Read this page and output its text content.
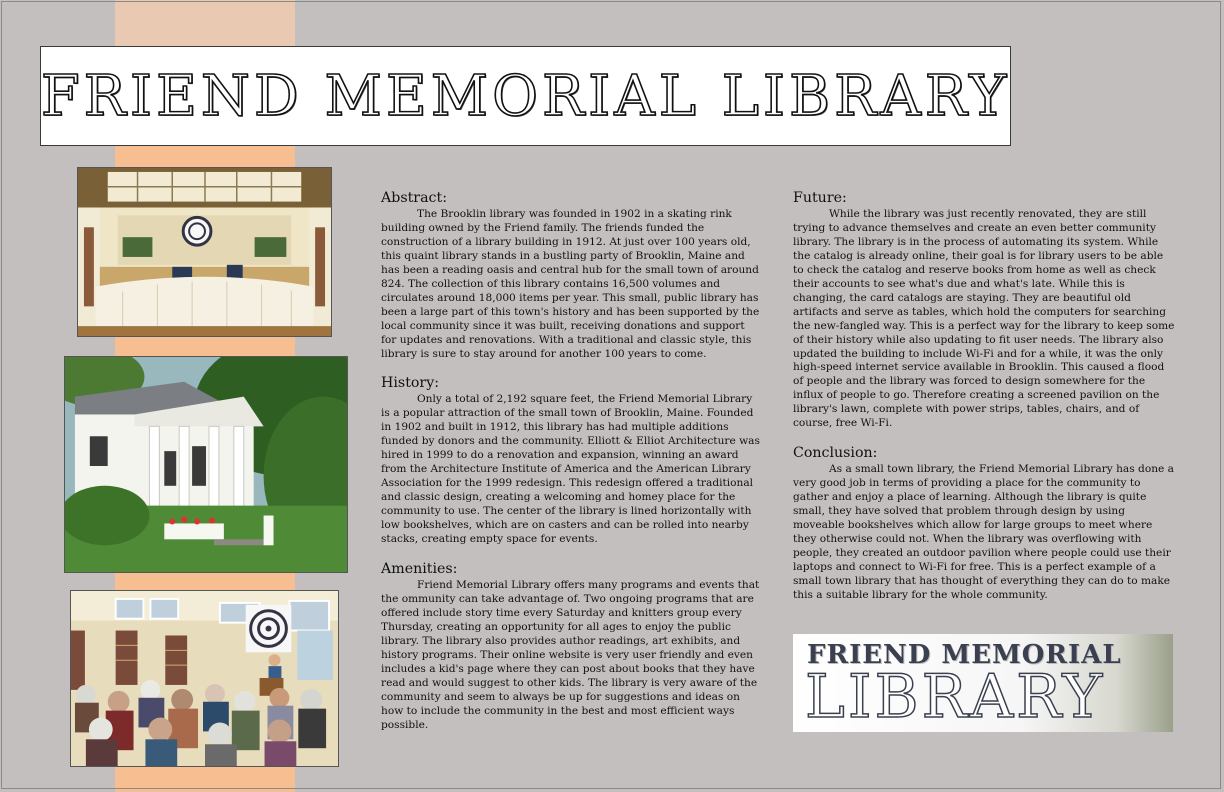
FRIEND MEMORIAL LIBRARY
Abstract:

The Brooklin library was founded in 1902 in a skating rink building owned by the Friend family. The friends funded the construction of a library building in 1912. At just over 100 years old, this quaint library stands in a bustling party of Brooklin, Maine and has been a reading oasis and central hub for the small town of around 824. The collection of this library contains 16,500 volumes and circulates around 18,000 items per year. This small, public library has been a large part of this town's history and has been supported by the local community since it was built, receiving donations and support for updates and renovations. With a traditional and classic style, this library is sure to stay around for another 100 years to come.

History:

Only a total of 2,192 square feet, the Friend Memorial Library is a popular attraction of the small town of Brooklin, Maine. Founded in 1902 and built in 1912, this library has had multiple additions funded by donors and the community. Elliott & Elliot Architecture was hired in 1999 to do a renovation and expansion, winning an award from the Architecture Institute of America and the American Library Association for the 1999 redesign. This redesign offered a traditional and classic design, creating a welcoming and homey place for the community to use. The center of the library is lined horizontally with low bookshelves, which are on casters and can be rolled into nearby stacks, creating empty space for events.

Amenities:

Friend Memorial Library offers many programs and events that the ommunity can take advantage of. Two ongoing programs that are offered include story time every Saturday and knitters group every Thursday, creating an opportunity for all ages to enjoy the public library. The library also provides author readings, art exhibits, and history programs. Their online website is very user friendly and even includes a kid's page where they can post about books that they have read and would suggest to other kids. The library is very aware of the community and seem to always be up for suggestions and ideas on how to include the community in the best and most efficient ways possible.

Future:

While the library was just recently renovated, they are still trying to advance themselves and create an even better community library. The library is in the process of automating its system. While the catalog is already online, their goal is for library users to be able to check the catalog and reserve books from home as well as check their accounts to see what's due and what's late. While this is changing, the card catalogs are staying. They are beautiful old artifacts and serve as tables, which hold the computers for searching the new-fangled way. This is a perfect way for the library to keep some of their history while also updating to fit user needs. The library also updated the building to include Wi-Fi and for a while, it was the only high-speed internet service available in Brooklin. This caused a flood of people and the library was forced to design somewhere for the influx of people to go. Therefore creating a screened pavilion on the library's lawn, complete with power strips, tables, chairs, and of course, free Wi-Fi.

Conclusion:

As a small town library, the Friend Memorial Library has done a very good job in terms of providing a place for the community to gather and enjoy a place of learning. Although the library is quite small, they have solved that problem through design by using moveable bookshelves which allow for large groups to meet where they otherwise could not. When the library was overflowing with people, they created an outdoor pavilion where people could use their laptops and connect to Wi-Fi for free. This is a perfect example of a small town library that has thought of everything they can do to make this a suitable library for the whole community.

FRIEND MEMORIAL
LIBRARY
